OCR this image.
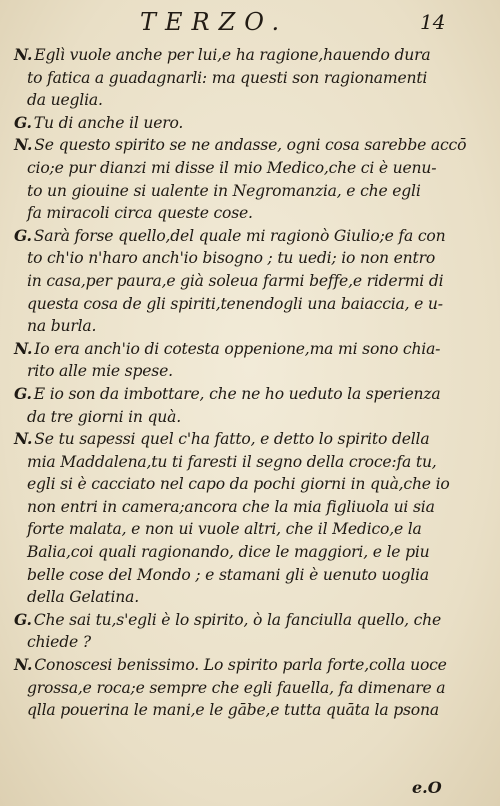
TERZO.	14

N. Eglì vuole anche per lui,e ha ragione,hauendo dura
to fatica a guadagnarli: ma questi son ragionamenti
da ueglia.

G. Tu di anche il uero.

N. Se questo spirito se ne andasse, ogni cosa sarebbe accō
cio;e pur dianzi mi disse il mio Medico,che ci è uenu-
to un giouine si ualente in Negromanzia, e che egli
fa miracoli circa queste cose.

G. Sarà forse quello,del quale mi ragionò Giulio;e fa con
to ch'io n'haro anch'io bisogno ; tu uedi; io non entro
in casa,per paura,e già soleua farmi beffe,e ridermi di
questa cosa de gli spiriti,tenendogli una baiaccia, e u-
na burla.

N. Io era anch'io di cotesta oppenione,ma mi sono chia-
rito alle mie spese.

G. E io son da imbottare, che ne ho ueduto la sperienza
da tre giorni in quà.

N. Se tu sapessi quel c'ha fatto, e detto lo spirito della
mia Maddalena,tu ti faresti il segno della croce:fa tu,
egli si è cacciato nel capo da pochi giorni in quà,che io
non entri in camera;ancora che la mia figliuola ui sia
forte malata, e non ui vuole altri, che il Medico,e la
Balia,coi quali ragionando, dice le maggiori, e le piu
belle cose del Mondo ; e stamani gli è uenuto uoglia
della Gelatina.

G. Che sai tu,s'egli è lo spirito, ò la fanciulla quello, che
chiede ?

N. Conoscesi benissimo. Lo spirito parla forte,colla uoce
grossa,e roca;e sempre che egli fauella, fa dimenare a
qlla pouerina le mani,e le gābe,e tutta quāta la psona

e.O
